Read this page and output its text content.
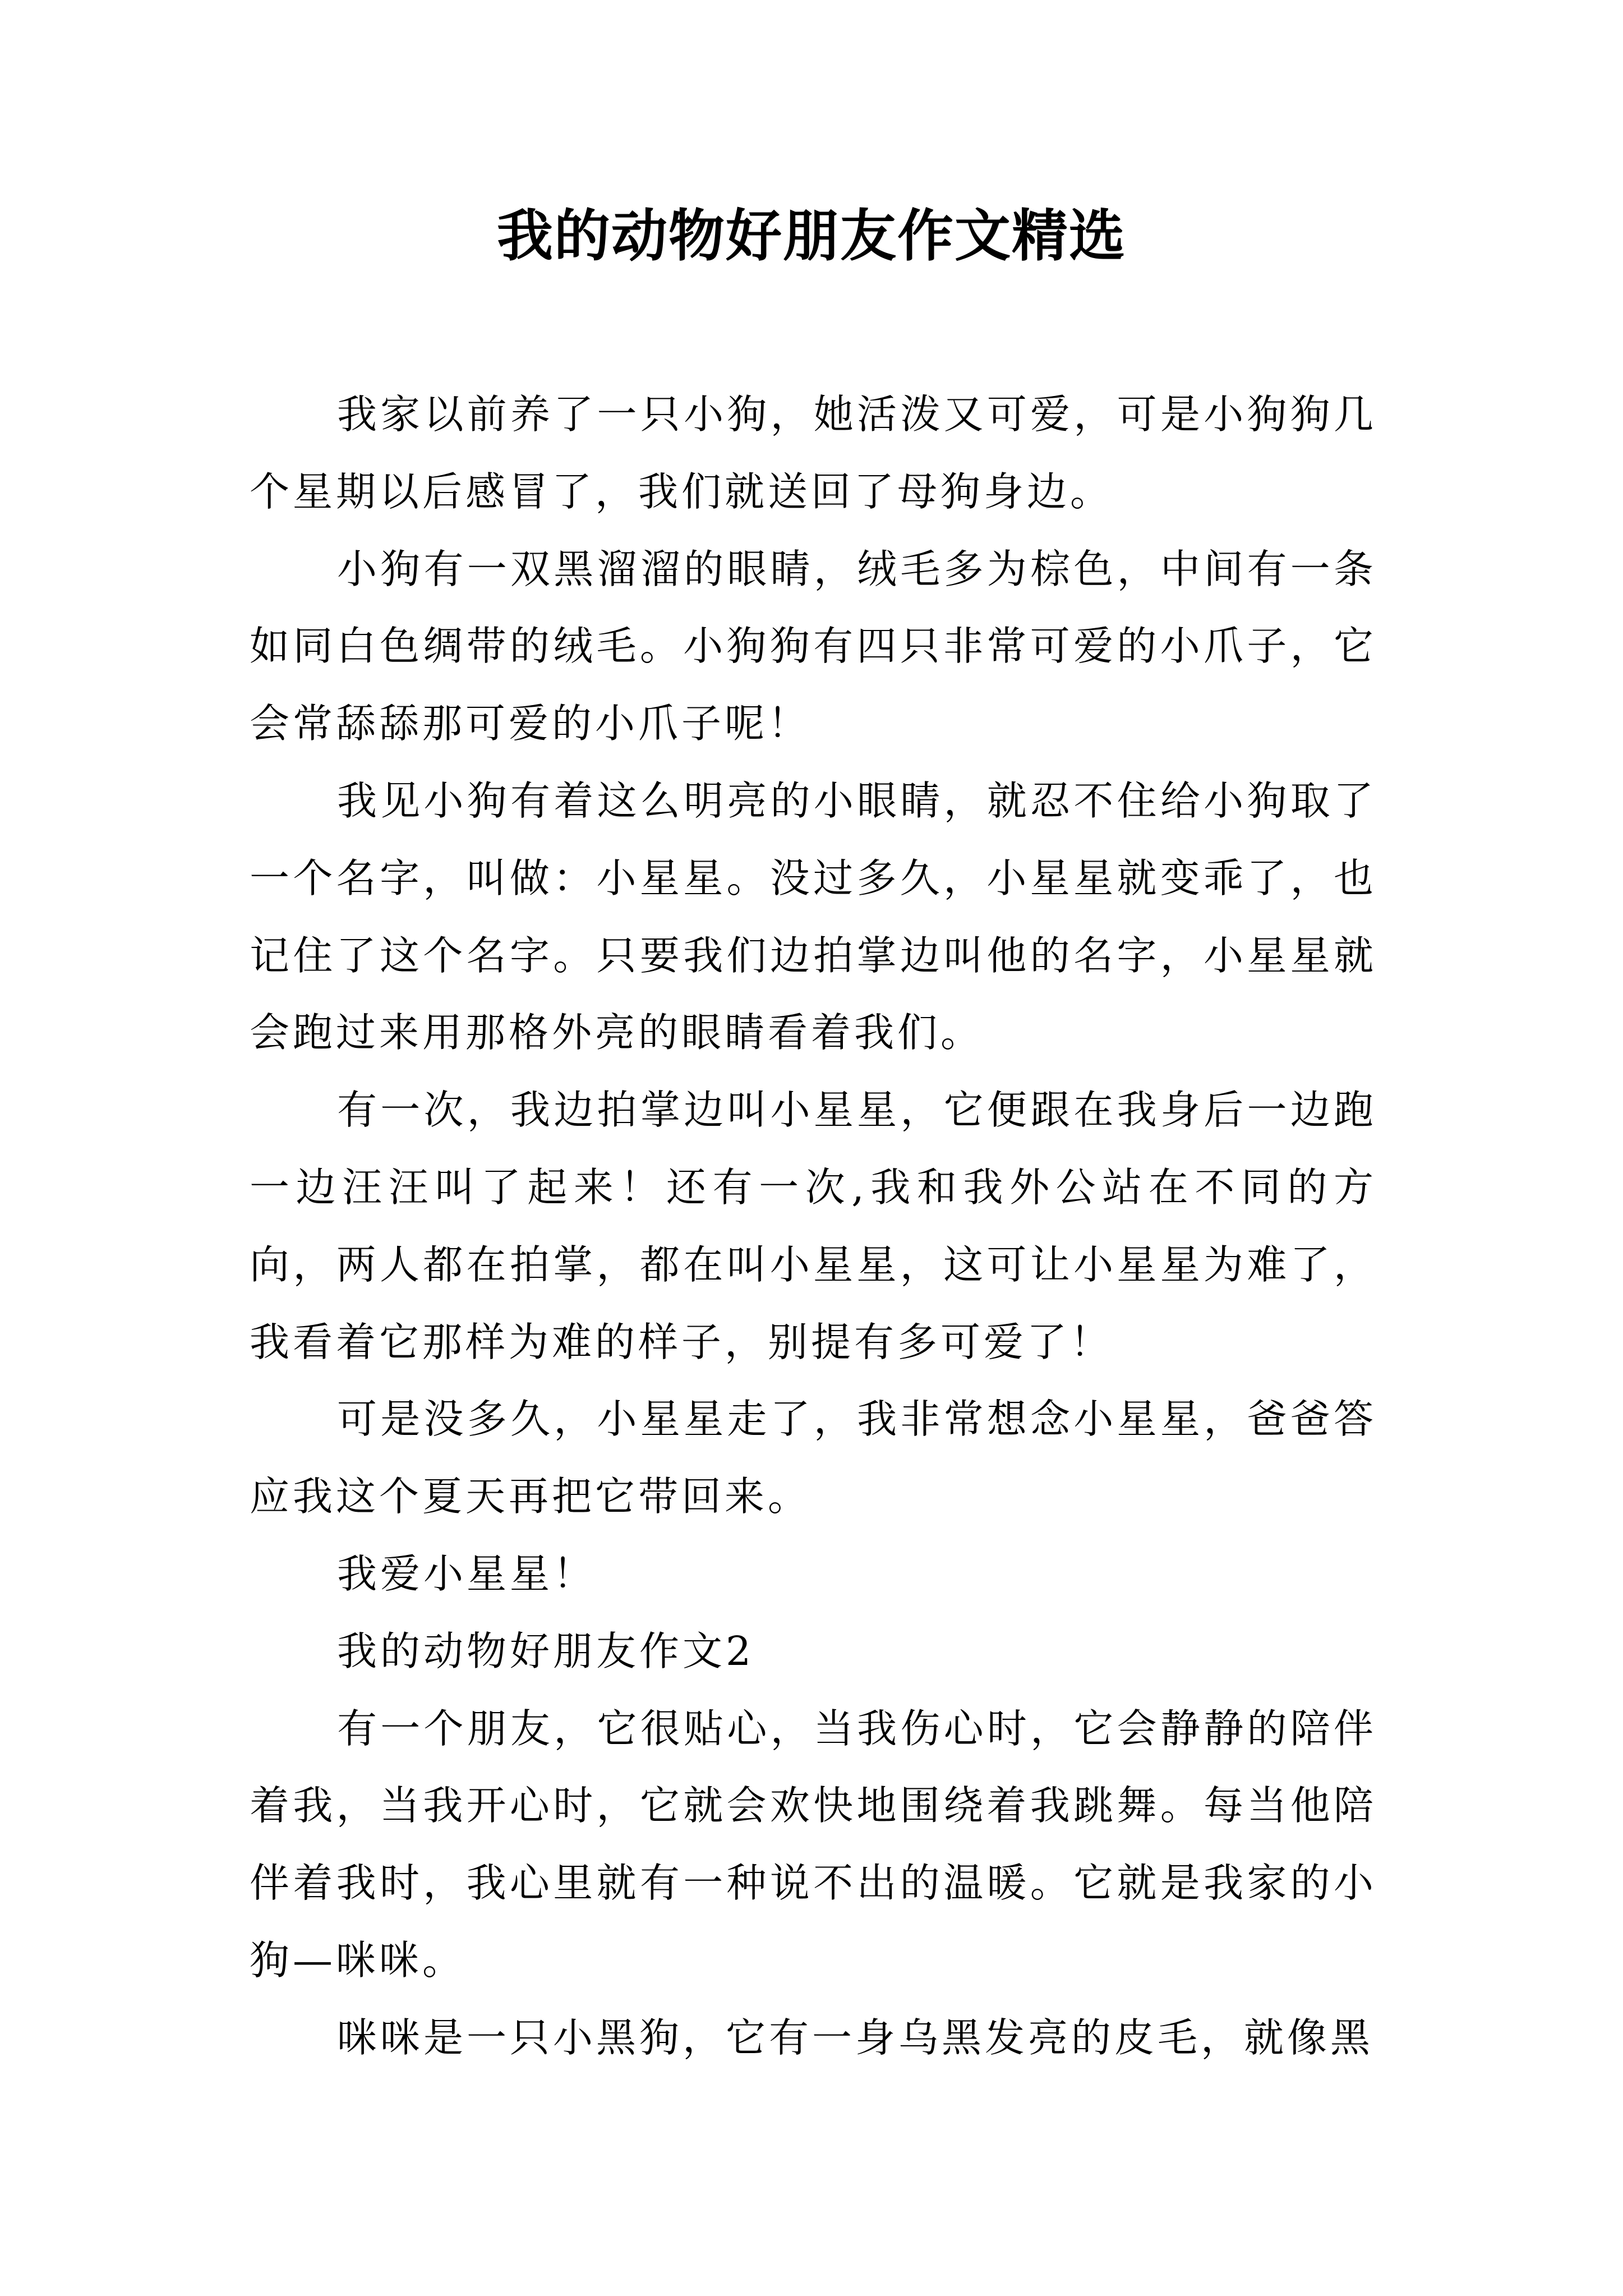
我的动物好朋友作文精选

我家以前养了一只小狗，她活泼又可爱，可是小狗狗几个星期以后感冒了，我们就送回了母狗身边。

小狗有一双黑溜溜的眼睛，绒毛多为棕色，中间有一条如同白色绸带的绒毛。小狗狗有四只非常可爱的小爪子，它会常舔舔那可爱的小爪子呢！

我见小狗有着这么明亮的小眼睛，就忍不住给小狗取了一个名字，叫做：小星星。没过多久，小星星就变乖了，也记住了这个名字。只要我们边拍掌边叫他的名字，小星星就会跑过来用那格外亮的眼睛看着我们。

有一次，我边拍掌边叫小星星，它便跟在我身后一边跑一边汪汪叫了起来！还有一次,我和我外公站在不同的方向，两人都在拍掌，都在叫小星星，这可让小星星为难了，我看着它那样为难的样子，别提有多可爱了！

可是没多久，小星星走了，我非常想念小星星，爸爸答应我这个夏天再把它带回来。

我爱小星星！

我的动物好朋友作文2

有一个朋友，它很贴心，当我伤心时，它会静静的陪伴着我，当我开心时，它就会欢快地围绕着我跳舞。每当他陪伴着我时，我心里就有一种说不出的温暖。它就是我家的小狗—咪咪。

咪咪是一只小黑狗，它有一身乌黑发亮的皮毛，就像黑
